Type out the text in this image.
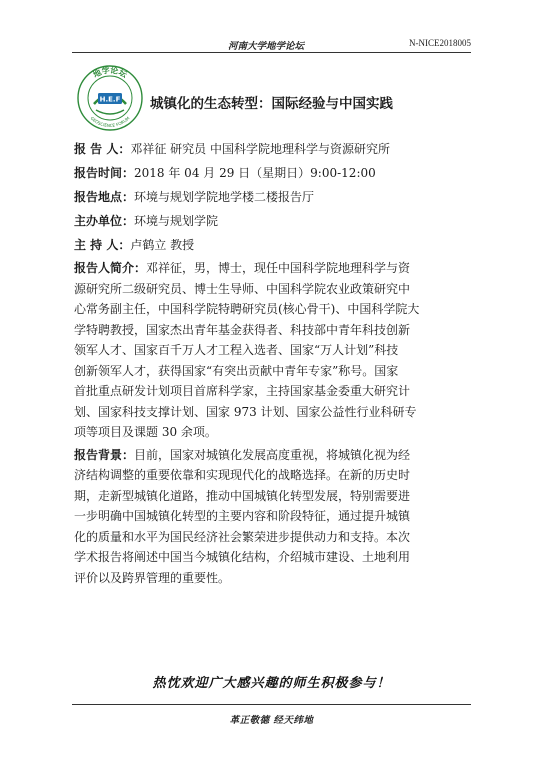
河南大学地学论坛	N-NICE2018005
地学论坛
GEOSCIENCE FORUM
H.E.F 城镇化的生态转型：国际经验与中国实践
报 告 人：邓祥征 研究员 中国科学院地理科学与资源研究所
报告时间：2018 年 04 月 29 日（星期日）9:00-12:00
报告地点：环境与规划学院地学楼二楼报告厅
主办单位：环境与规划学院
主 持 人：卢鹤立 教授
报告人简介：邓祥征，男，博士，现任中国科学院地理科学与资
源研究所二级研究员、博士生导师、中国科学院农业政策研究中
心常务副主任，中国科学院特聘研究员(核心骨干)、中国科学院大
学特聘教授，国家杰出青年基金获得者、科技部中青年科技创新
领军人才、国家百千万人才工程入选者、国家“万人计划”科技
创新领军人才，获得国家“有突出贡献中青年专家”称号。国家
首批重点研发计划项目首席科学家，主持国家基金委重大研究计
划、国家科技支撑计划、国家 973 计划、国家公益性行业科研专
项等项目及课题 30 余项。
报告背景：目前，国家对城镇化发展高度重视，将城镇化视为经
济结构调整的重要依靠和实现现代化的战略选择。在新的历史时
期，走新型城镇化道路，推动中国城镇化转型发展，特别需要进
一步明确中国城镇化转型的主要内容和阶段特征，通过提升城镇
化的质量和水平为国民经济社会繁荣进步提供动力和支持。本次
学术报告将阐述中国当今城镇化结构，介绍城市建设、土地利用
评价以及跨界管理的重要性。
热忱欢迎广大感兴趣的师生积极参与！
革正敬德 经天纬地
